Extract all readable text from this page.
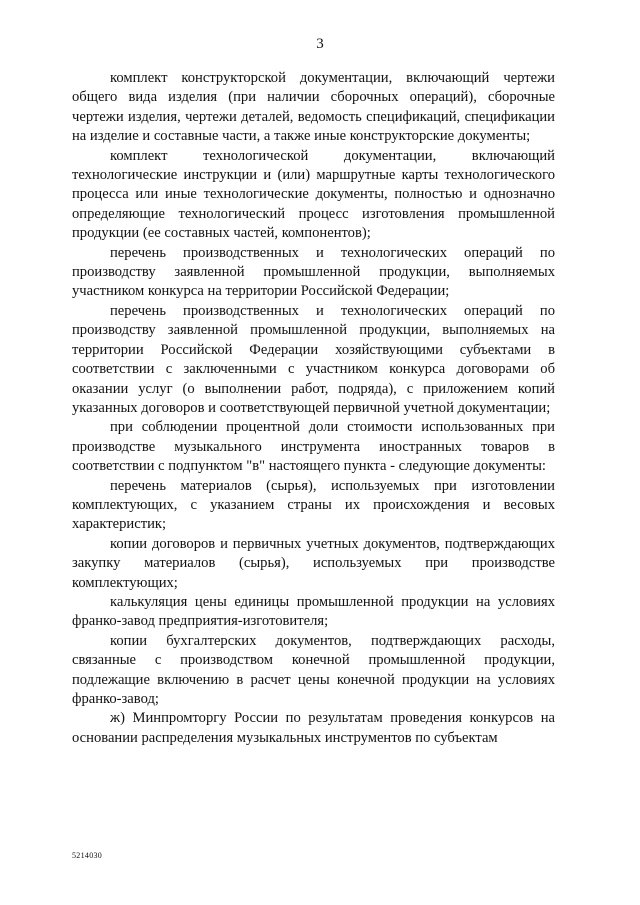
3

комплект конструкторской документации, включающий чертежи общего вида изделия (при наличии сборочных операций), сборочные чертежи изделия, чертежи деталей, ведомость спецификаций, спецификации на изделие и составные части, а также иные конструкторские документы;

комплект технологической документации, включающий технологические инструкции и (или) маршрутные карты технологического процесса или иные технологические документы, полностью и однозначно определяющие технологический процесс изготовления промышленной продукции (ее составных частей, компонентов);

перечень производственных и технологических операций по производству заявленной промышленной продукции, выполняемых участником конкурса на территории Российской Федерации;

перечень производственных и технологических операций по производству заявленной промышленной продукции, выполняемых на территории Российской Федерации хозяйствующими субъектами в соответствии с заключенными с участником конкурса договорами об оказании услуг (о выполнении работ, подряда), с приложением копий указанных договоров и соответствующей первичной учетной документации;

при соблюдении процентной доли стоимости использованных при производстве музыкального инструмента иностранных товаров в соответствии с подпунктом "в" настоящего пункта - следующие документы:

перечень материалов (сырья), используемых при изготовлении комплектующих, с указанием страны их происхождения и весовых характеристик;

копии договоров и первичных учетных документов, подтверждающих закупку материалов (сырья), используемых при производстве комплектующих;

калькуляция цены единицы промышленной продукции на условиях франко-завод предприятия-изготовителя;

копии бухгалтерских документов, подтверждающих расходы, связанные с производством конечной промышленной продукции, подлежащие включению в расчет цены конечной продукции на условиях франко-завод;

ж) Минпромторгу России по результатам проведения конкурсов на основании распределения музыкальных инструментов по субъектам

5214030
